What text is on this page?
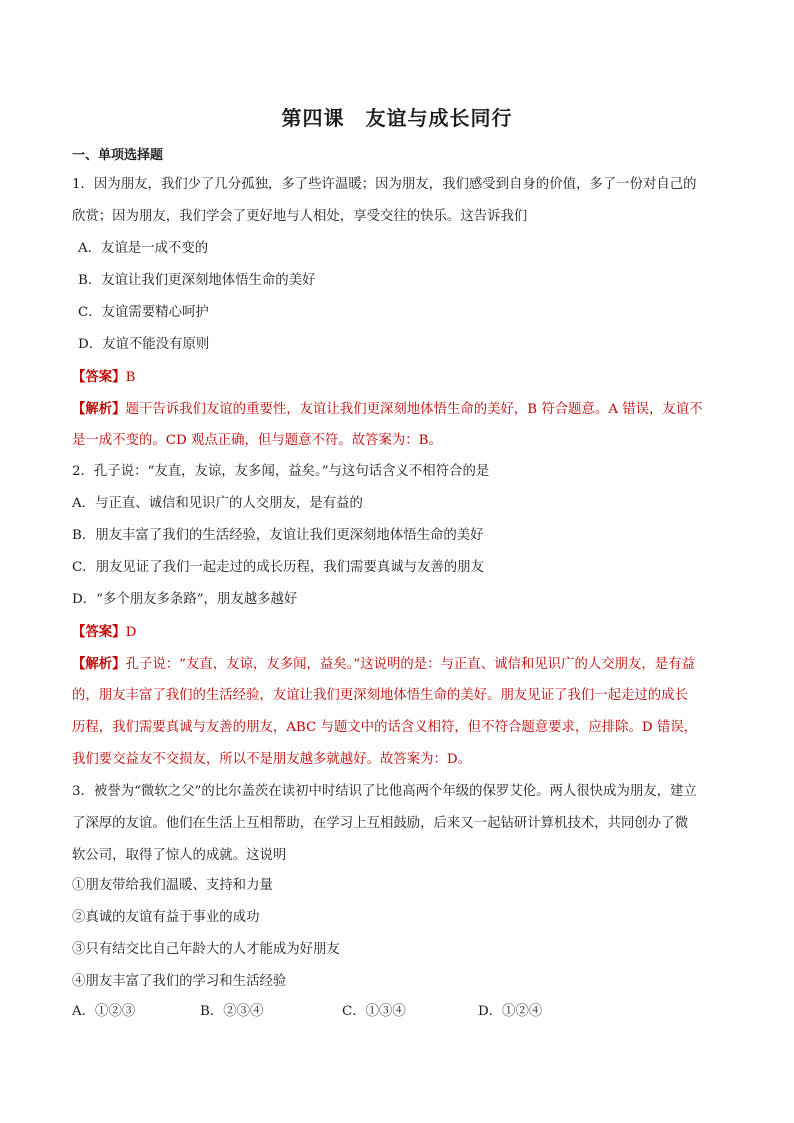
第四课　友谊与成长同行
一、单项选择题
1．因为朋友，我们少了几分孤独，多了些许温暖；因为朋友，我们感受到自身的价值，多了一份对自己的
欣赏；因为朋友，我们学会了更好地与人相处，享受交往的快乐。这告诉我们
A．友谊是一成不变的
B．友谊让我们更深刻地体悟生命的美好
C．友谊需要精心呵护
D．友谊不能没有原则
【答案】B
【解析】题干告诉我们友谊的重要性，友谊让我们更深刻地体悟生命的美好，B 符合题意。A 错误，友谊不
是一成不变的。CD 观点正确，但与题意不符。故答案为：B。
2．孔子说：“友直，友谅，友多闻，益矣。”与这句话含义不相符合的是
A．与正直、诚信和见识广的人交朋友，是有益的
B．朋友丰富了我们的生活经验，友谊让我们更深刻地体悟生命的美好
C．朋友见证了我们一起走过的成长历程，我们需要真诚与友善的朋友
D．“多个朋友多条路”，朋友越多越好
【答案】D
【解析】孔子说：“友直，友谅，友多闻，益矣。”这说明的是：与正直、诚信和见识广的人交朋友，是有益
的，朋友丰富了我们的生活经验，友谊让我们更深刻地体悟生命的美好。朋友见证了我们一起走过的成长
历程，我们需要真诚与友善的朋友，ABC 与题文中的话含义相符，但不符合题意要求，应排除。D 错误，
我们要交益友不交损友，所以不是朋友越多就越好。故答案为：D。
3．被誉为“微软之父”的比尔盖茨在读初中时结识了比他高两个年级的保罗艾伦。两人很快成为朋友，建立
了深厚的友谊。他们在生活上互相帮助，在学习上互相鼓励，后来又一起钻研计算机技术，共同创办了微
软公司，取得了惊人的成就。这说明
①朋友带给我们温暖、支持和力量
②真诚的友谊有益于事业的成功
③只有结交比自己年龄大的人才能成为好朋友
④朋友丰富了我们的学习和生活经验
A．①②③	B．②③④	C．①③④	D．①②④
